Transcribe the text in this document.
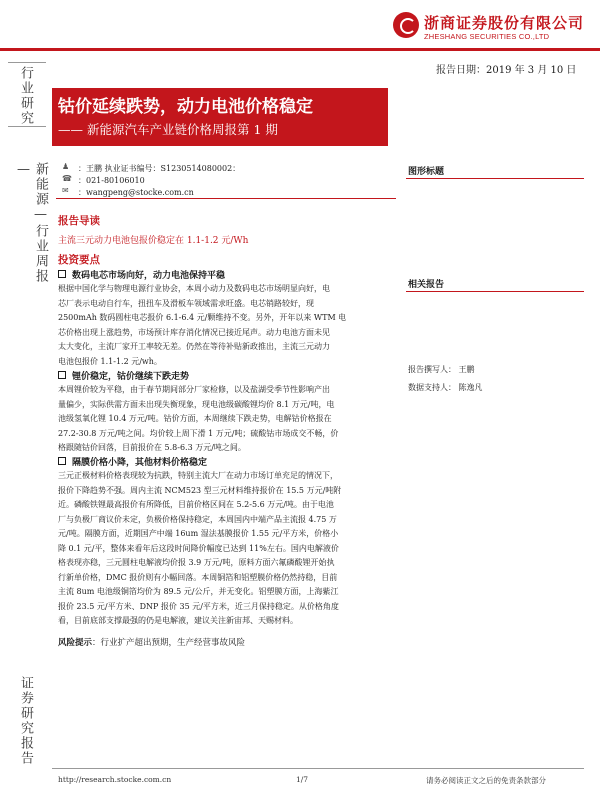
浙商证券股份有限公司
ZHESHANG SECURITIES CO.,LTD
报告日期：2019 年 3 月 10 日
行业研究
新能源—行业周报—
证券研究报告
钴价延续跌势，动力电池价格稳定
—— 新能源汽车产业链价格周报第 1 期
♟ ：王鹏 执业证书编号：S1230514080002：
☎ ：021-80106010
✉ ：wangpeng@stocke.com.cn
报告导读
主流三元动力电池包报价稳定在 1.1-1.2 元/Wh
投资要点
数码电芯市场向好，动力电池保持平稳
根据中国化学与物理电源行业协会，本周小动力及数码电芯市场明显向好，电
芯厂表示电动自行车，扭扭车及滑板车领域需求旺盛。电芯销路较好，现
2500mAh 数码圆柱电芯报价 6.1-6.4 元/颗维持不变。另外，开年以来 WTM 电
芯价格出现上涨趋势，市场预计库存消化情况已接近尾声。动力电池方面未见
太大变化，主流厂家开工率较无差。仍然在等待补贴新政推出，主流三元动力
电池包报价 1.1-1.2 元/wh。
锂价稳定，钴价继续下跌走势
本周锂价较为平稳，由于春节期间部分厂家检修，以及盐湖受季节性影响产出
量偏少，实际供需方面未出现失衡现象，现电池级碳酸锂均价 8.1 万元/吨，电
池级氢氧化锂 10.4 万元/吨。钴价方面，本周继续下跌走势，电解钴价格报在
27.2-30.8 万元/吨之间。均价较上周下滑 1 万元/吨；硫酸钴市场成交不畅，价
格跟随钴价回落，目前报价在 5.8-6.3 万元/吨之间。
隔膜价格小降，其他材料价格稳定
三元正极材料价格表现较为抗跌，特别主流大厂在动力市场订单充足的情况下，
报价下降趋势不强。周内主流 NCM523 型三元材料维持报价在 15.5 万元/吨附
近。磷酸铁锂最高报价有所降低，目前价格区间在 5.2-5.6 万元/吨。由于电池
厂与负极厂商议价未定，负极价格保持稳定，本周国内中端产品主流报 4.75 万
元/吨。隔膜方面，近期国产中端 16um 湿法基膜报价 1.55 元/平方米，价格小
降 0.1 元/平，整体来看年后这段时间降价幅度已达到 11%左右。国内电解液价
格表现亦稳，三元圆柱电解液均价报 3.9 万元/吨，原料方面六氟磷酸锂开始执
行新单价格，DMC 报价则有小幅回落。本周铜箔和铝塑膜价格仍然持稳，目前
主流 8um 电池级铜箔均价为 89.5 元/公斤，并无变化。铝塑膜方面，上海紫江
报价 23.5 元/平方米、DNP 报价 35 元/平方米，近三月保持稳定。从价格角度
看，目前底部支撑最强的仍是电解液，建议关注新宙邦、天赐材料。
风险提示：行业扩产超出预期，生产经营事故风险
图形标题
相关报告
报告撰写人： 王鹏
数据支持人： 陈逸凡
http://research.stocke.com.cn	1/7	请务必阅读正文之后的免责条款部分
